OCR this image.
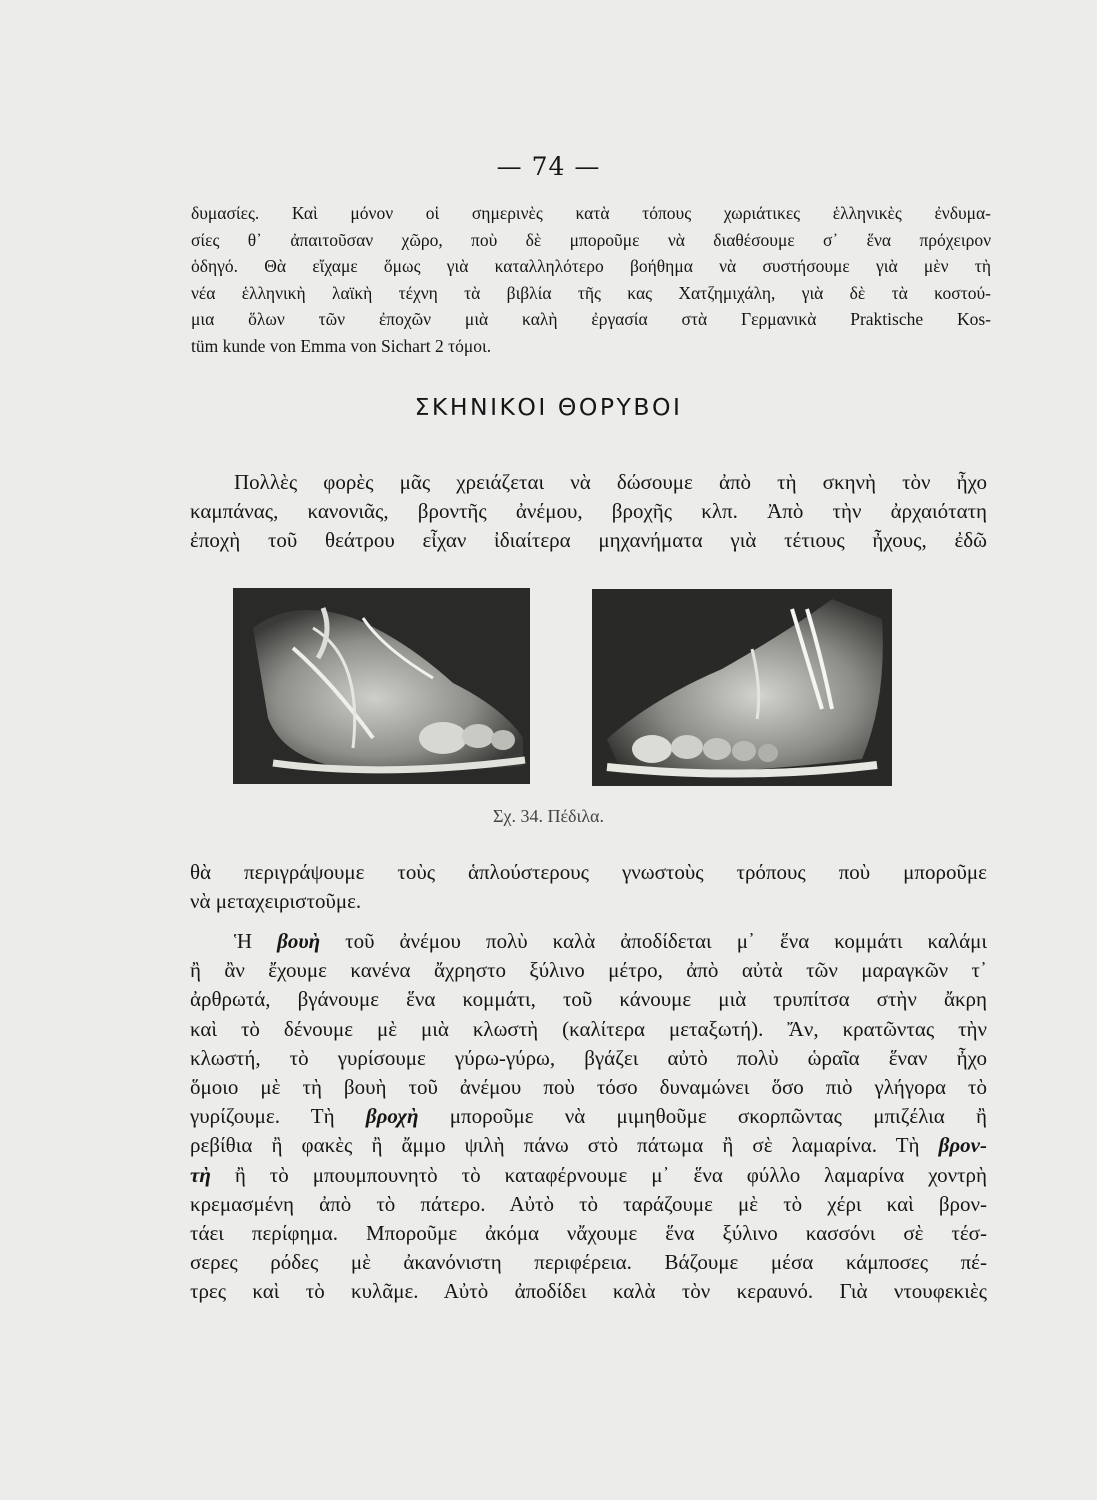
— 74 —
δυμασίες. Καὶ μόνον οἱ σημερινὲς κατὰ τόπους χωριάτικες ἑλληνικὲς ἐνδυμα-
σίες θ᾿ ἀπαιτοῦσαν χῶρο, ποὺ δὲ μποροῦμε νὰ διαθέσουμε σ᾿ ἕνα πρόχειρον
ὁδηγό. Θὰ εἴχαμε ὅμως γιὰ καταλληλότερο βοήθημα νὰ συστήσουμε γιὰ μὲν τὴ
νέα ἑλληνικὴ λαϊκὴ τέχνη τὰ βιβλία τῆς κας Χατζημιχάλη, γιὰ δὲ τὰ κοστού-
μια ὅλων τῶν ἐποχῶν μιὰ καλὴ ἐργασία στὰ Γερμανικὰ Praktische Kos-
tüm kunde von Emma von Sichart 2 τόμοι.
ΣΚΗΝΙΚΟΙ ΘΟΡΥΒΟΙ
Πολλὲς φορὲς μᾶς χρειάζεται νὰ δώσουμε ἀπὸ τὴ σκηνὴ τὸν ἦχο
καμπάνας, κανονιᾶς, βροντῆς ἀνέμου, βροχῆς κλπ. Ἀπὸ τὴν ἀρχαιότατη
ἐποχὴ τοῦ θεάτρου εἶχαν ἰδιαίτερα μηχανήματα γιὰ τέτιους ἦχους, ἐδῶ
Σχ. 34. Πέδιλα.
θὰ περιγράψουμε τοὺς ἁπλούστερους γνωστοὺς τρόπους ποὺ μποροῦμε
νὰ μεταχειριστοῦμε.
Ἡ βουὴ τοῦ ἀνέμου πολὺ καλὰ ἀποδίδεται μ᾿ ἕνα κομμάτι καλάμι
ἢ ἂν ἔχουμε κανένα ἄχρηστο ξύλινο μέτρο, ἀπὸ αὐτὰ τῶν μαραγκῶν τ᾿
ἀρθρωτά, βγάνουμε ἕνα κομμάτι, τοῦ κάνουμε μιὰ τρυπίτσα στὴν ἄκρη
καὶ τὸ δένουμε μὲ μιὰ κλωστὴ (καλίτερα μεταξωτή). Ἄν, κρατῶντας τὴν
κλωστή, τὸ γυρίσουμε γύρω-γύρω, βγάζει αὐτὸ πολὺ ὡραῖα ἕναν ἦχο
ὅμοιο μὲ τὴ βουὴ τοῦ ἀνέμου ποὺ τόσο δυναμώνει ὅσο πιὸ γλήγορα τὸ
γυρίζουμε. Τὴ βροχὴ μποροῦμε νὰ μιμηθοῦμε σκορπῶντας μπιζέλια ἢ
ρεβίθια ἢ φακὲς ἢ ἄμμο ψιλὴ πάνω στὸ πάτωμα ἢ σὲ λαμαρίνα. Τὴ βρον-
τὴ ἢ τὸ μπουμπουνητὸ τὸ καταφέρνουμε μ᾿ ἕνα φύλλο λαμαρίνα χοντρὴ
κρεμασμένη ἀπὸ τὸ πάτερο. Αὐτὸ τὸ ταράζουμε μὲ τὸ χέρι καὶ βρον-
τάει περίφημα. Μποροῦμε ἀκόμα νἄχουμε ἕνα ξύλινο κασσόνι σὲ τέσ-
σερες ρόδες μὲ ἀκανόνιστη περιφέρεια. Βάζουμε μέσα κάμποσες πέ-
τρες καὶ τὸ κυλᾶμε. Αὐτὸ ἀποδίδει καλὰ τὸν κεραυνό. Γιὰ ντουφεκιὲς
